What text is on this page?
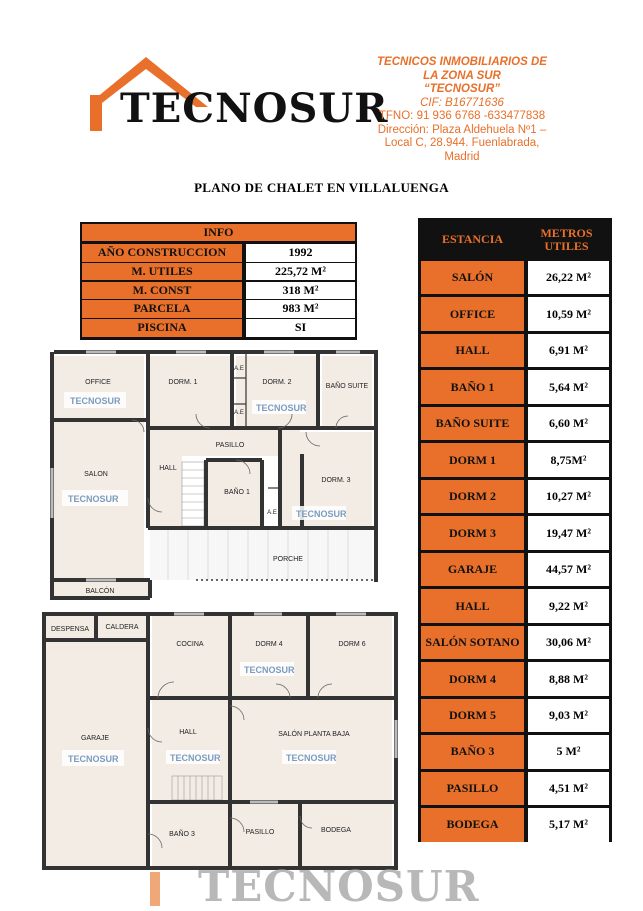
TECNOSUR
TECNICOS INMOBILIARIOS DE
LA ZONA SUR
“TECNOSUR”
CIF: B16771636
TFNO: 91 936 6768 -633477838
Dirección: Plaza Aldehuela Nº1 –
Local C, 28.944. Fuenlabrada,
Madrid
PLANO DE CHALET EN VILLALUENGA
INFO
AÑO CONSTRUCCION	1992
M. UTILES	225,72 M²
M. CONST	318 M²
PARCELA	983 M²
PISCINA	SI
ESTANCIA	METROS UTILES
SALÓN	26,22 M²
OFFICE	10,59 M²
HALL	6,91 M²
BAÑO 1	5,64 M²
BAÑO SUITE	6,60 M²
DORM 1	8,75M²
DORM 2	10,27 M²
DORM 3	19,47 M²
GARAJE	44,57 M²
HALL	9,22 M²
SALÓN SOTANO	30,06 M²
DORM 4	8,88 M²
DORM 5	9,03 M²
BAÑO 3	5 M²
PASILLO	4,51 M²
BODEGA	5,17 M²
TECNOSUR
TECNOSUR
TECNOSUR
TECNOSUR
OFFICE	DORM. 1
A.E
A.E
DORM. 2
BAÑO SUITE
PASILLO
SALON
HALL
BAÑO 1
A.E
DORM. 3
PORCHE
BALCÓN
TECNOSUR	TECNOSUR
TECNOSUR
TECNOSUR
DESPENSA CALDERA
GARAJE
COCINA	DORM 4	DORM 6
HALL	SALÓN PLANTA BAJA
BAÑO 3	PASILLO	BODEGA
TECNOSUR
